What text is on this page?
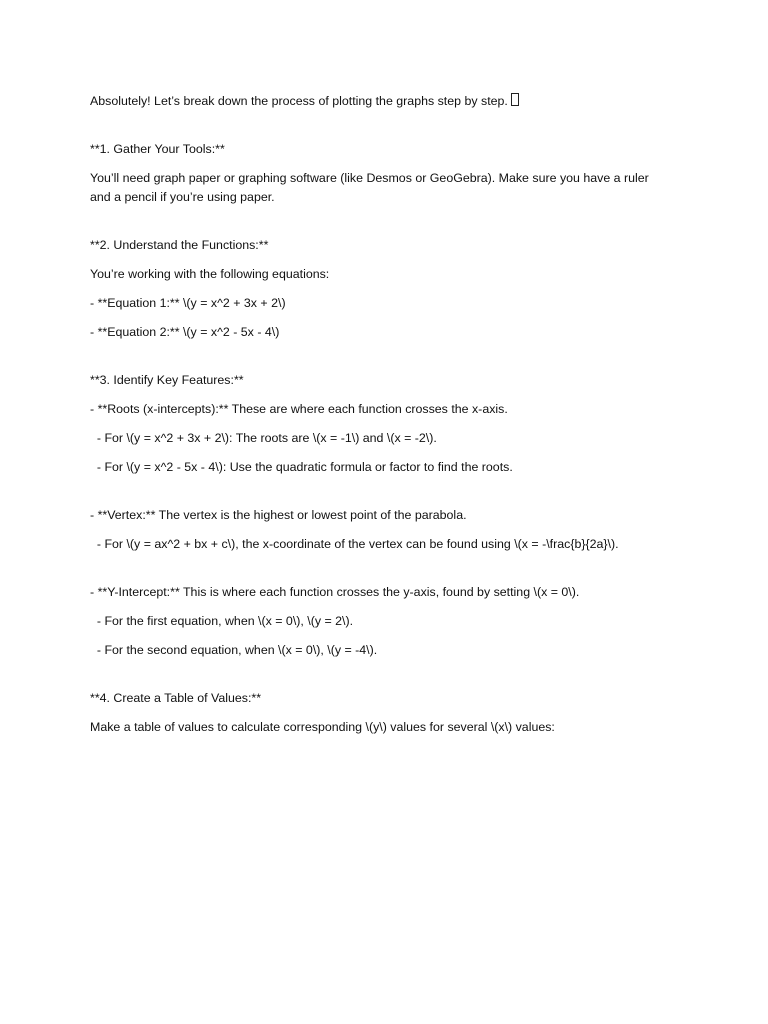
Absolutely! Let’s break down the process of plotting the graphs step by step.
**1. Gather Your Tools:**
You’ll need graph paper or graphing software (like Desmos or GeoGebra). Make sure you have a ruler and a pencil if you’re using paper.
**2. Understand the Functions:**
You’re working with the following equations:
- **Equation 1:** \(y = x^2 + 3x + 2\)
- **Equation 2:** \(y = x^2 - 5x - 4\)
**3. Identify Key Features:**
- **Roots (x-intercepts):** These are where each function crosses the x-axis.
- For \(y = x^2 + 3x + 2\): The roots are \(x = -1\) and \(x = -2\).
- For \(y = x^2 - 5x - 4\): Use the quadratic formula or factor to find the roots.
- **Vertex:** The vertex is the highest or lowest point of the parabola.
- For \(y = ax^2 + bx + c\), the x-coordinate of the vertex can be found using \(x = -\frac{b}{2a}\).
- **Y-Intercept:** This is where each function crosses the y-axis, found by setting \(x = 0\).
- For the first equation, when \(x = 0\), \(y = 2\).
- For the second equation, when \(x = 0\), \(y = -4\).
**4. Create a Table of Values:**
Make a table of values to calculate corresponding \(y\) values for several \(x\) values:
